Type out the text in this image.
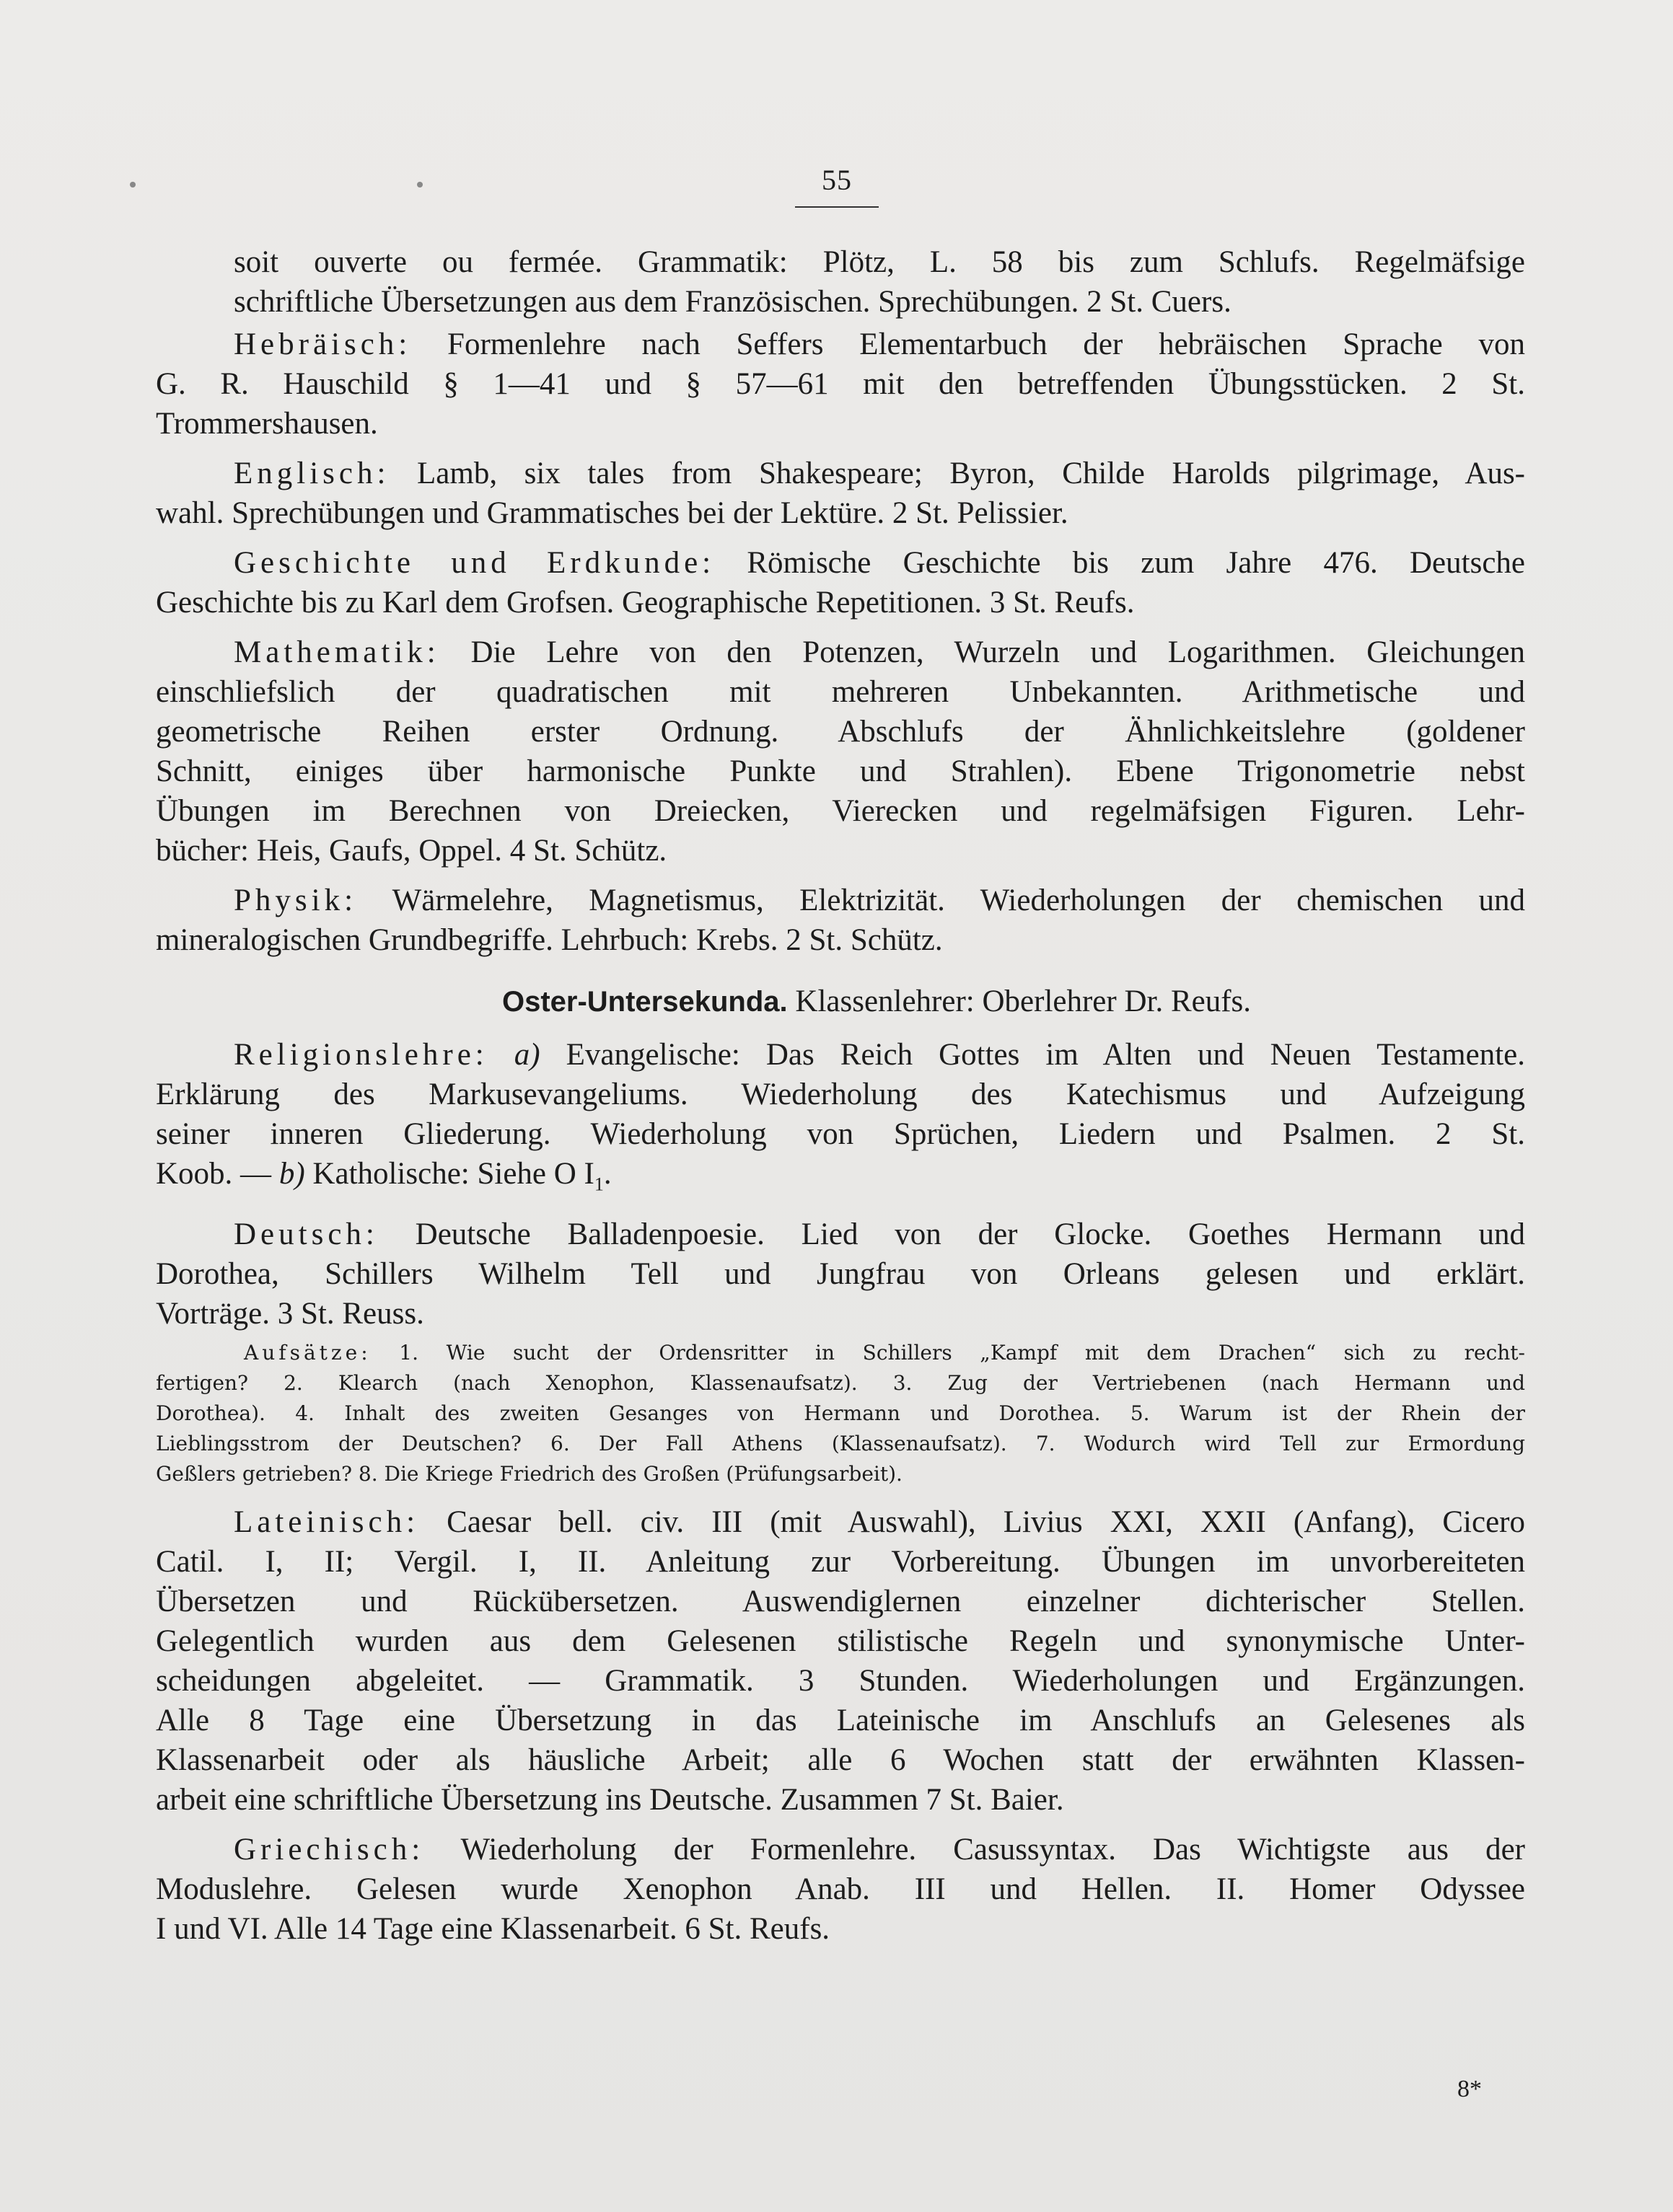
55
soit ouverte ou fermée. Grammatik: Plötz, L. 58 bis zum Schlufs. Regelmäfsige
schriftliche Übersetzungen aus dem Französischen. Sprechübungen. 2 St. Cuers.
Hebräisch: Formenlehre nach Seffers Elementarbuch der hebräischen Sprache von
G. R. Hauschild § 1—41 und § 57—61 mit den betreffenden Übungsstücken. 2 St.
Trommershausen.
Englisch: Lamb, six tales from Shakespeare; Byron, Childe Harolds pilgrimage, Aus-
wahl. Sprechübungen und Grammatisches bei der Lektüre. 2 St. Pelissier.
Geschichte und Erdkunde: Römische Geschichte bis zum Jahre 476. Deutsche
Geschichte bis zu Karl dem Grofsen. Geographische Repetitionen. 3 St. Reufs.
Mathematik: Die Lehre von den Potenzen, Wurzeln und Logarithmen. Gleichungen
einschliefslich der quadratischen mit mehreren Unbekannten. Arithmetische und
geometrische Reihen erster Ordnung. Abschlufs der Ähnlichkeitslehre (goldener
Schnitt, einiges über harmonische Punkte und Strahlen). Ebene Trigonometrie nebst
Übungen im Berechnen von Dreiecken, Vierecken und regelmäfsigen Figuren. Lehr-
bücher: Heis, Gaufs, Oppel. 4 St. Schütz.
Physik: Wärmelehre, Magnetismus, Elektrizität. Wiederholungen der chemischen und
mineralogischen Grundbegriffe. Lehrbuch: Krebs. 2 St. Schütz.
Oster-Untersekunda. Klassenlehrer: Oberlehrer Dr. Reufs.
Religionslehre: a) Evangelische: Das Reich Gottes im Alten und Neuen Testamente.
Erklärung des Markusevangeliums. Wiederholung des Katechismus und Aufzeigung
seiner inneren Gliederung. Wiederholung von Sprüchen, Liedern und Psalmen. 2 St.
Koob. — b) Katholische: Siehe O $I_1$.
Deutsch: Deutsche Balladenpoesie. Lied von der Glocke. Goethes Hermann und
Dorothea, Schillers Wilhelm Tell und Jungfrau von Orleans gelesen und erklärt.
Vorträge. 3 St. Reuss.
Aufsätze: 1. Wie sucht der Ordensritter in Schillers „Kampf mit dem Drachen“ sich zu recht-
fertigen? 2. Klearch (nach Xenophon, Klassenaufsatz). 3. Zug der Vertriebenen (nach Hermann und
Dorothea). 4. Inhalt des zweiten Gesanges von Hermann und Dorothea. 5. Warum ist der Rhein der
Lieblingsstrom der Deutschen? 6. Der Fall Athens (Klassenaufsatz). 7. Wodurch wird Tell zur Ermordung
Geßlers getrieben? 8. Die Kriege Friedrich des Großen (Prüfungsarbeit).
Lateinisch: Caesar bell. civ. III (mit Auswahl), Livius XXI, XXII (Anfang), Cicero
Catil. I, II; Vergil. I, II. Anleitung zur Vorbereitung. Übungen im unvorbereiteten
Übersetzen und Rückübersetzen. Auswendiglernen einzelner dichterischer Stellen.
Gelegentlich wurden aus dem Gelesenen stilistische Regeln und synonymische Unter-
scheidungen abgeleitet. — Grammatik. 3 Stunden. Wiederholungen und Ergänzungen.
Alle 8 Tage eine Übersetzung in das Lateinische im Anschlufs an Gelesenes als
Klassenarbeit oder als häusliche Arbeit; alle 6 Wochen statt der erwähnten Klassen-
arbeit eine schriftliche Übersetzung ins Deutsche. Zusammen 7 St. Baier.
Griechisch: Wiederholung der Formenlehre. Casussyntax. Das Wichtigste aus der
Moduslehre. Gelesen wurde Xenophon Anab. III und Hellen. II. Homer Odyssee
I und VI. Alle 14 Tage eine Klassenarbeit. 6 St. Reufs.
8*
